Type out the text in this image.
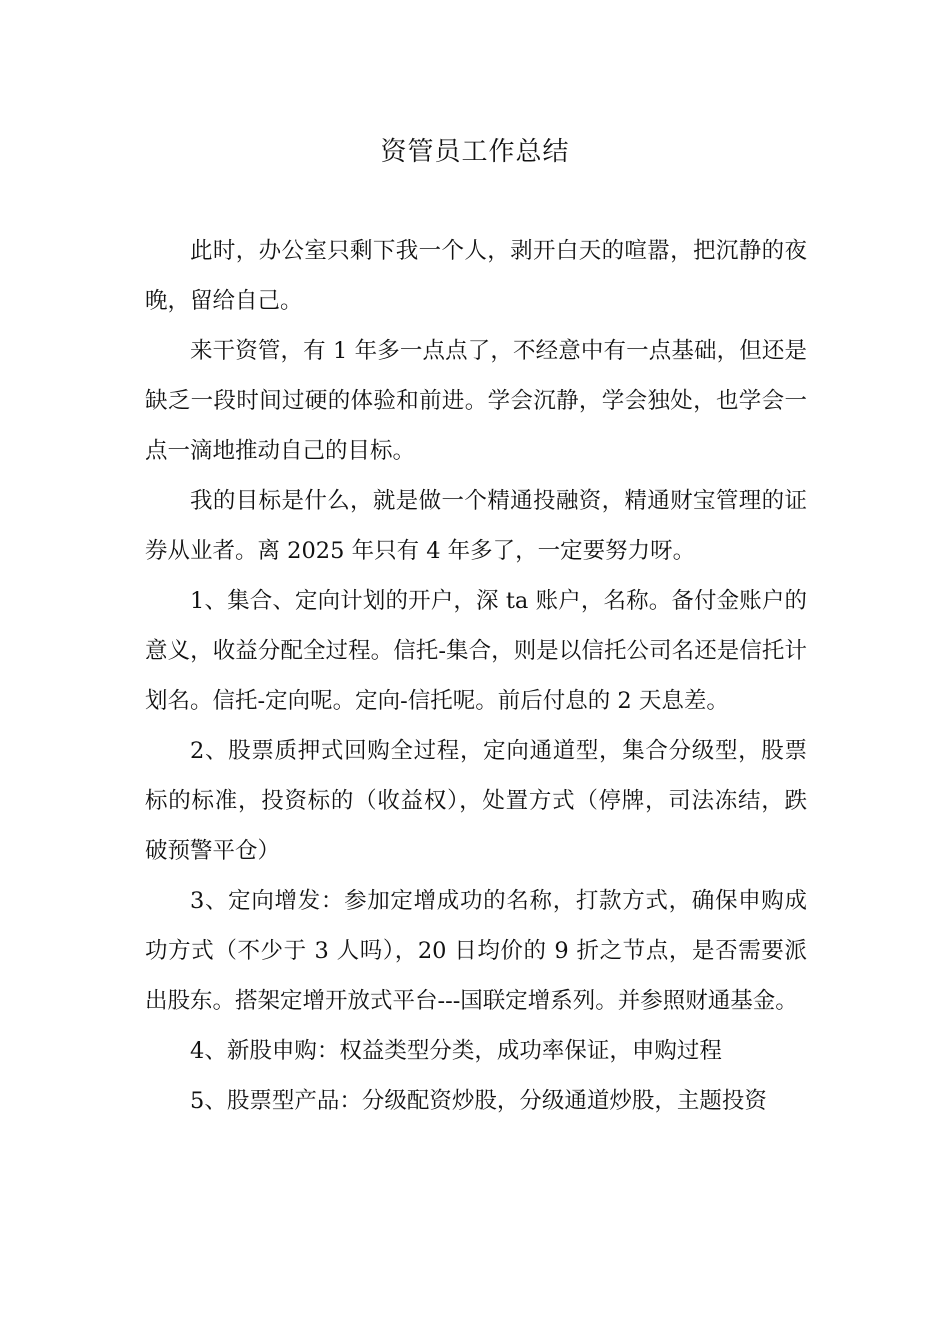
资管员工作总结

此时，办公室只剩下我一个人，剥开白天的喧嚣，把沉静的夜晚，留给自己。

来干资管，有 1 年多一点点了，不经意中有一点基础，但还是缺乏一段时间过硬的体验和前进。学会沉静，学会独处，也学会一点一滴地推动自己的目标。

我的目标是什么，就是做一个精通投融资，精通财宝管理的证券从业者。离 2025 年只有 4 年多了，一定要努力呀。

1、集合、定向计划的开户，深 ta 账户，名称。备付金账户的意义，收益分配全过程。信托-集合，则是以信托公司名还是信托计划名。信托-定向呢。定向-信托呢。前后付息的 2 天息差。

2、股票质押式回购全过程，定向通道型，集合分级型，股票标的标准，投资标的（收益权），处置方式（停牌，司法冻结，跌破预警平仓）

3、定向增发：参加定增成功的名称，打款方式，确保申购成功方式（不少于 3 人吗），20 日均价的 9 折之节点，是否需要派出股东。搭架定增开放式平台---国联定增系列。并参照财通基金。

4、新股申购：权益类型分类，成功率保证，申购过程

5、股票型产品：分级配资炒股，分级通道炒股，主题投资
